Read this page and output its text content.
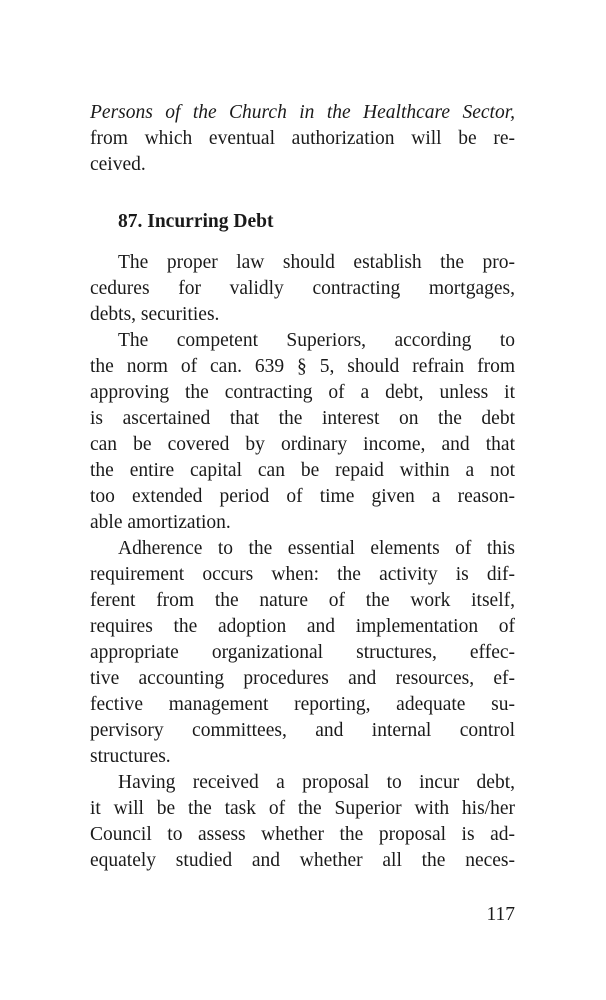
Persons of the Church in the Healthcare Sector,
from which eventual authorization will be re-
ceived.
87. Incurring Debt
The proper law should establish the pro-
cedures for validly contracting mortgages,
debts, securities.
The competent Superiors, according to
the norm of can. 639 § 5, should refrain from
approving the contracting of a debt, unless it
is ascertained that the interest on the debt
can be covered by ordinary income, and that
the entire capital can be repaid within a not
too extended period of time given a reason-
able amortization.
Adherence to the essential elements of this
requirement occurs when: the activity is dif-
ferent from the nature of the work itself,
requires the adoption and implementation of
appropriate organizational structures, effec-
tive accounting procedures and resources, ef-
fective management reporting, adequate su-
pervisory committees, and internal control
structures.
Having received a proposal to incur debt,
it will be the task of the Superior with his/her
Council to assess whether the proposal is ad-
equately studied and whether all the neces-
117
